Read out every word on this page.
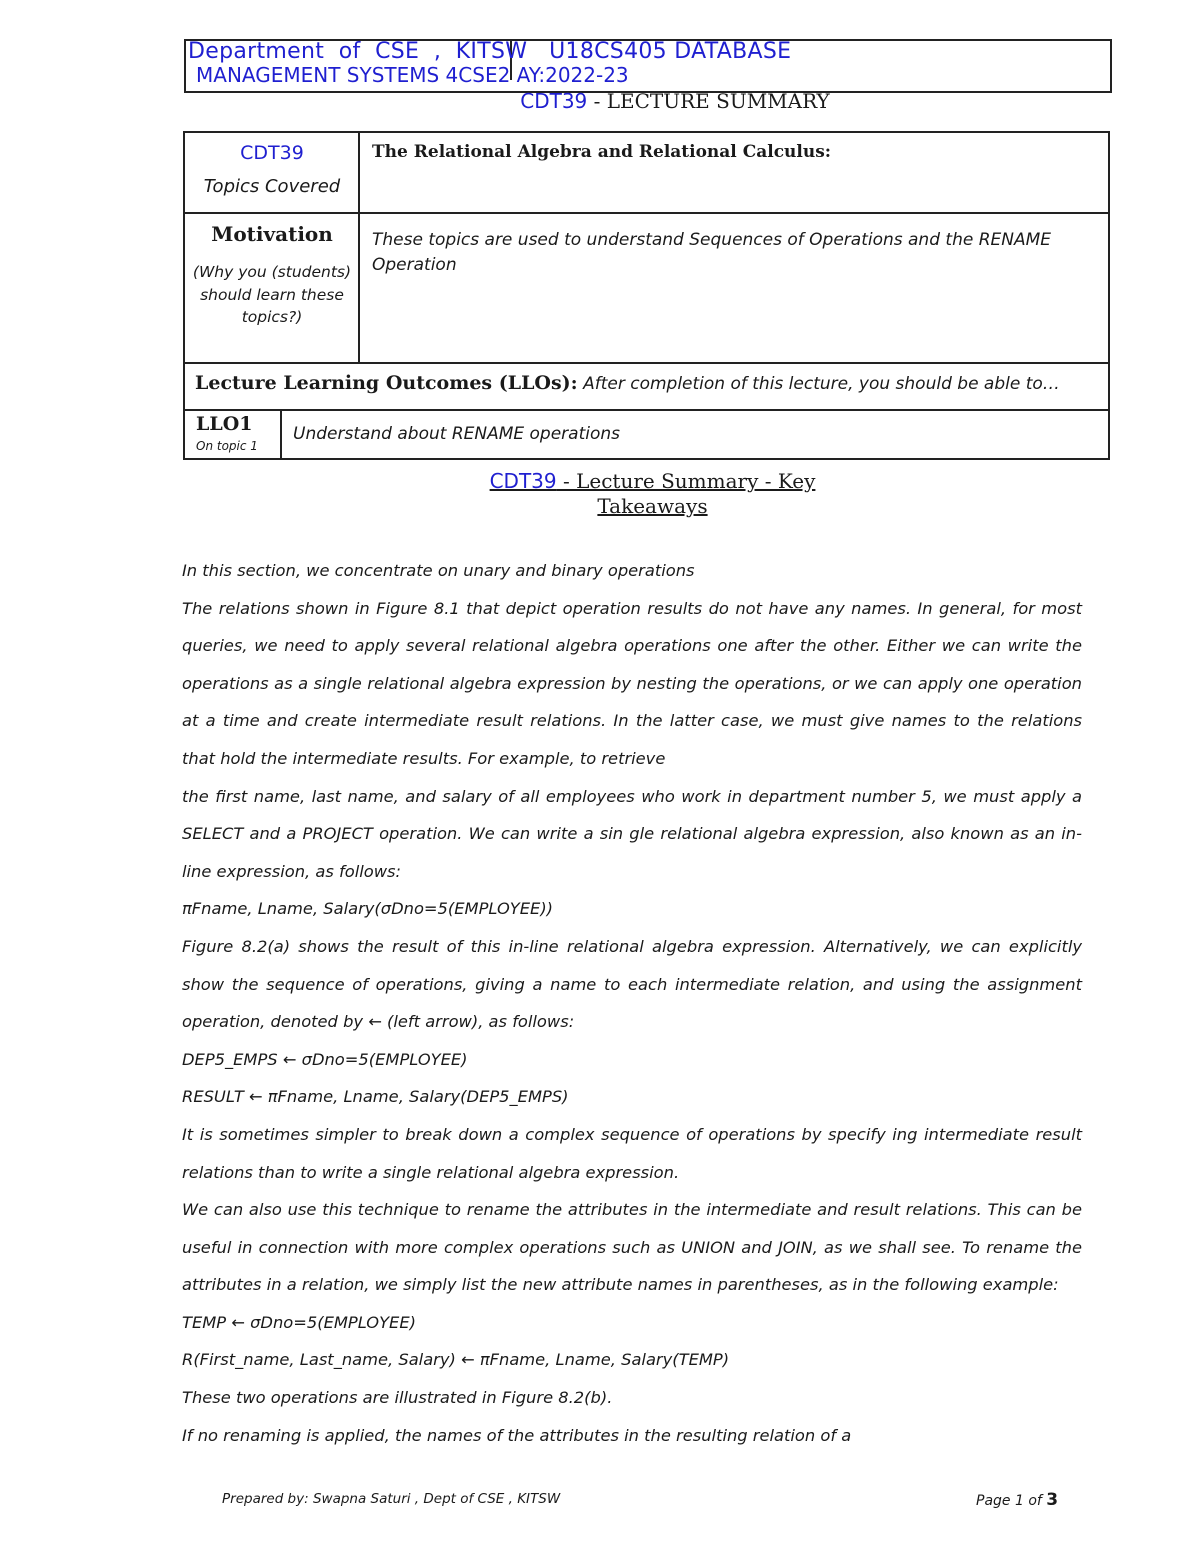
Department  of  CSE  ,  KITSW   U18CS405 DATABASE
MANAGEMENT SYSTEMS 4CSE2 AY:2022-23
CDT39 - LECTURE SUMMARY
CDT39
Topics Covered
The Relational Algebra and Relational Calculus:
Motivation
(Why you (students) should learn these topics?)
These topics are used to understand Sequences of Operations and the RENAME Operation
Lecture Learning Outcomes (LLOs): After completion of this lecture, you should be able to…
LLO1
On topic 1
Understand about RENAME operations
CDT39 - Lecture Summary - Key
Takeaways

In this section, we concentrate on unary and binary operations

The relations shown in Figure 8.1 that depict operation results do not have any names. In general, for most queries, we need to apply several relational algebra operations one after the other. Either we can write the operations as a single relational algebra expression by nesting the operations, or we can apply one operation at a time and create intermediate result relations. In the latter case, we must give names to the relations that hold the intermediate results. For example, to retrieve

the first name, last name, and salary of all employees who work in department number 5, we must apply a SELECT and a PROJECT operation. We can write a sin gle relational algebra expression, also known as an in-line expression, as follows:

πFname, Lname, Salary(σDno=5(EMPLOYEE))

Figure 8.2(a) shows the result of this in-line relational algebra expression. Alternatively, we can explicitly show the sequence of operations, giving a name to each intermediate relation, and using the assignment operation, denoted by ← (left arrow), as follows:

DEP5_EMPS ← σDno=5(EMPLOYEE)

RESULT ← πFname, Lname, Salary(DEP5_EMPS)

It is sometimes simpler to break down a complex sequence of operations by specify ing intermediate result relations than to write a single relational algebra expression.

We can also use this technique to rename the attributes in the intermediate and result relations. This can be useful in connection with more complex operations such as UNION and JOIN, as we shall see. To rename the attributes in a relation, we simply list the new attribute names in parentheses, as in the following example:

TEMP ← σDno=5(EMPLOYEE)

R(First_name, Last_name, Salary) ← πFname, Lname, Salary(TEMP)

These two operations are illustrated in Figure 8.2(b).

If no renaming is applied, the names of the attributes in the resulting relation of a

Prepared by: Swapna Saturi , Dept of CSE , KITSW	Page 1 of 3
